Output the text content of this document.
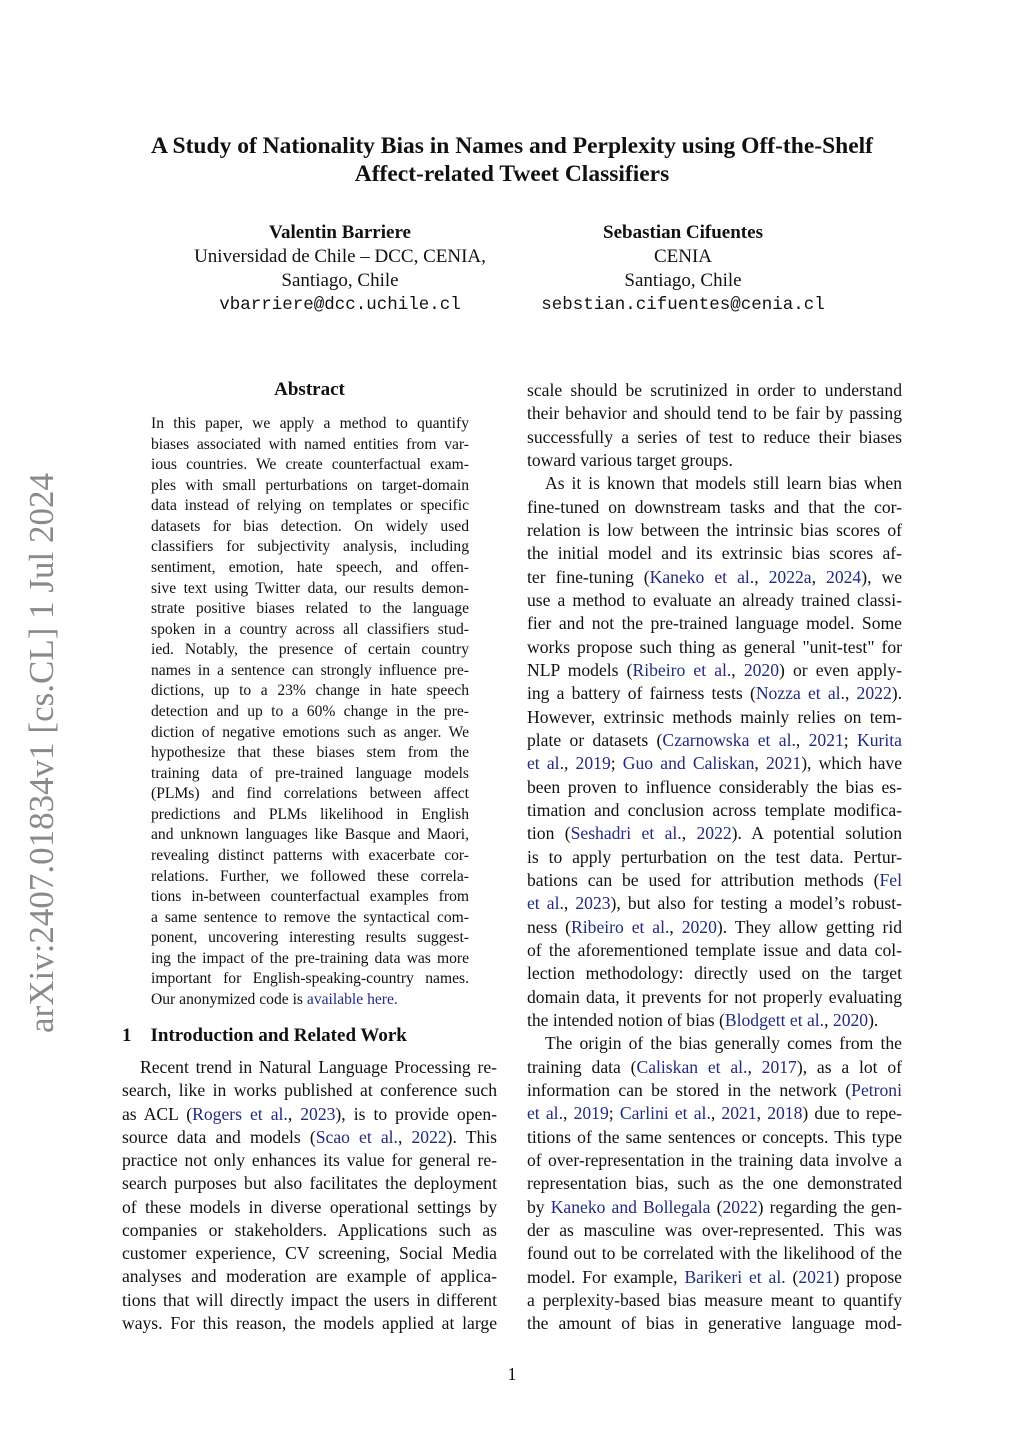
arXiv:2407.01834v1 [cs.CL] 1 Jul 2024
A Study of Nationality Bias in Names and Perplexity using Off-the-Shelf
Affect-related Tweet Classifiers
Valentin Barriere
Universidad de Chile – DCC, CENIA,
Santiago, Chile
vbarriere@dcc.uchile.cl
Sebastian Cifuentes
CENIA
Santiago, Chile
sebstian.cifuentes@cenia.cl
Abstract
In this paper, we apply a method to quantify
biases associated with named entities from var-
ious countries. We create counterfactual exam-
ples with small perturbations on target-domain
data instead of relying on templates or specific
datasets for bias detection. On widely used
classifiers for subjectivity analysis, including
sentiment, emotion, hate speech, and offen-
sive text using Twitter data, our results demon-
strate positive biases related to the language
spoken in a country across all classifiers stud-
ied. Notably, the presence of certain country
names in a sentence can strongly influence pre-
dictions, up to a 23% change in hate speech
detection and up to a 60% change in the pre-
diction of negative emotions such as anger. We
hypothesize that these biases stem from the
training data of pre-trained language models
(PLMs) and find correlations between affect
predictions and PLMs likelihood in English
and unknown languages like Basque and Maori,
revealing distinct patterns with exacerbate cor-
relations. Further, we followed these correla-
tions in-between counterfactual examples from
a same sentence to remove the syntactical com-
ponent, uncovering interesting results suggest-
ing the impact of the pre-training data was more
important for English-speaking-country names.
Our anonymized code is available here.
1    Introduction and Related Work
Recent trend in Natural Language Processing re-
search, like in works published at conference such
as ACL (Rogers et al., 2023), is to provide open-
source data and models (Scao et al., 2022). This
practice not only enhances its value for general re-
search purposes but also facilitates the deployment
of these models in diverse operational settings by
companies or stakeholders. Applications such as
customer experience, CV screening, Social Media
analyses and moderation are example of applica-
tions that will directly impact the users in different
ways. For this reason, the models applied at large
scale should be scrutinized in order to understand
their behavior and should tend to be fair by passing
successfully a series of test to reduce their biases
toward various target groups.
As it is known that models still learn bias when
fine-tuned on downstream tasks and that the cor-
relation is low between the intrinsic bias scores of
the initial model and its extrinsic bias scores af-
ter fine-tuning (Kaneko et al., 2022a, 2024), we
use a method to evaluate an already trained classi-
fier and not the pre-trained language model. Some
works propose such thing as general "unit-test" for
NLP models (Ribeiro et al., 2020) or even apply-
ing a battery of fairness tests (Nozza et al., 2022).
However, extrinsic methods mainly relies on tem-
plate or datasets (Czarnowska et al., 2021; Kurita
et al., 2019; Guo and Caliskan, 2021), which have
been proven to influence considerably the bias es-
timation and conclusion across template modifica-
tion (Seshadri et al., 2022). A potential solution
is to apply perturbation on the test data. Pertur-
bations can be used for attribution methods (Fel
et al., 2023), but also for testing a model’s robust-
ness (Ribeiro et al., 2020). They allow getting rid
of the aforementioned template issue and data col-
lection methodology: directly used on the target
domain data, it prevents for not properly evaluating
the intended notion of bias (Blodgett et al., 2020).
The origin of the bias generally comes from the
training data (Caliskan et al., 2017), as a lot of
information can be stored in the network (Petroni
et al., 2019; Carlini et al., 2021, 2018) due to repe-
titions of the same sentences or concepts. This type
of over-representation in the training data involve a
representation bias, such as the one demonstrated
by Kaneko and Bollegala (2022) regarding the gen-
der as masculine was over-represented. This was
found out to be correlated with the likelihood of the
model. For example, Barikeri et al. (2021) propose
a perplexity-based bias measure meant to quantify
the amount of bias in generative language mod-
1
